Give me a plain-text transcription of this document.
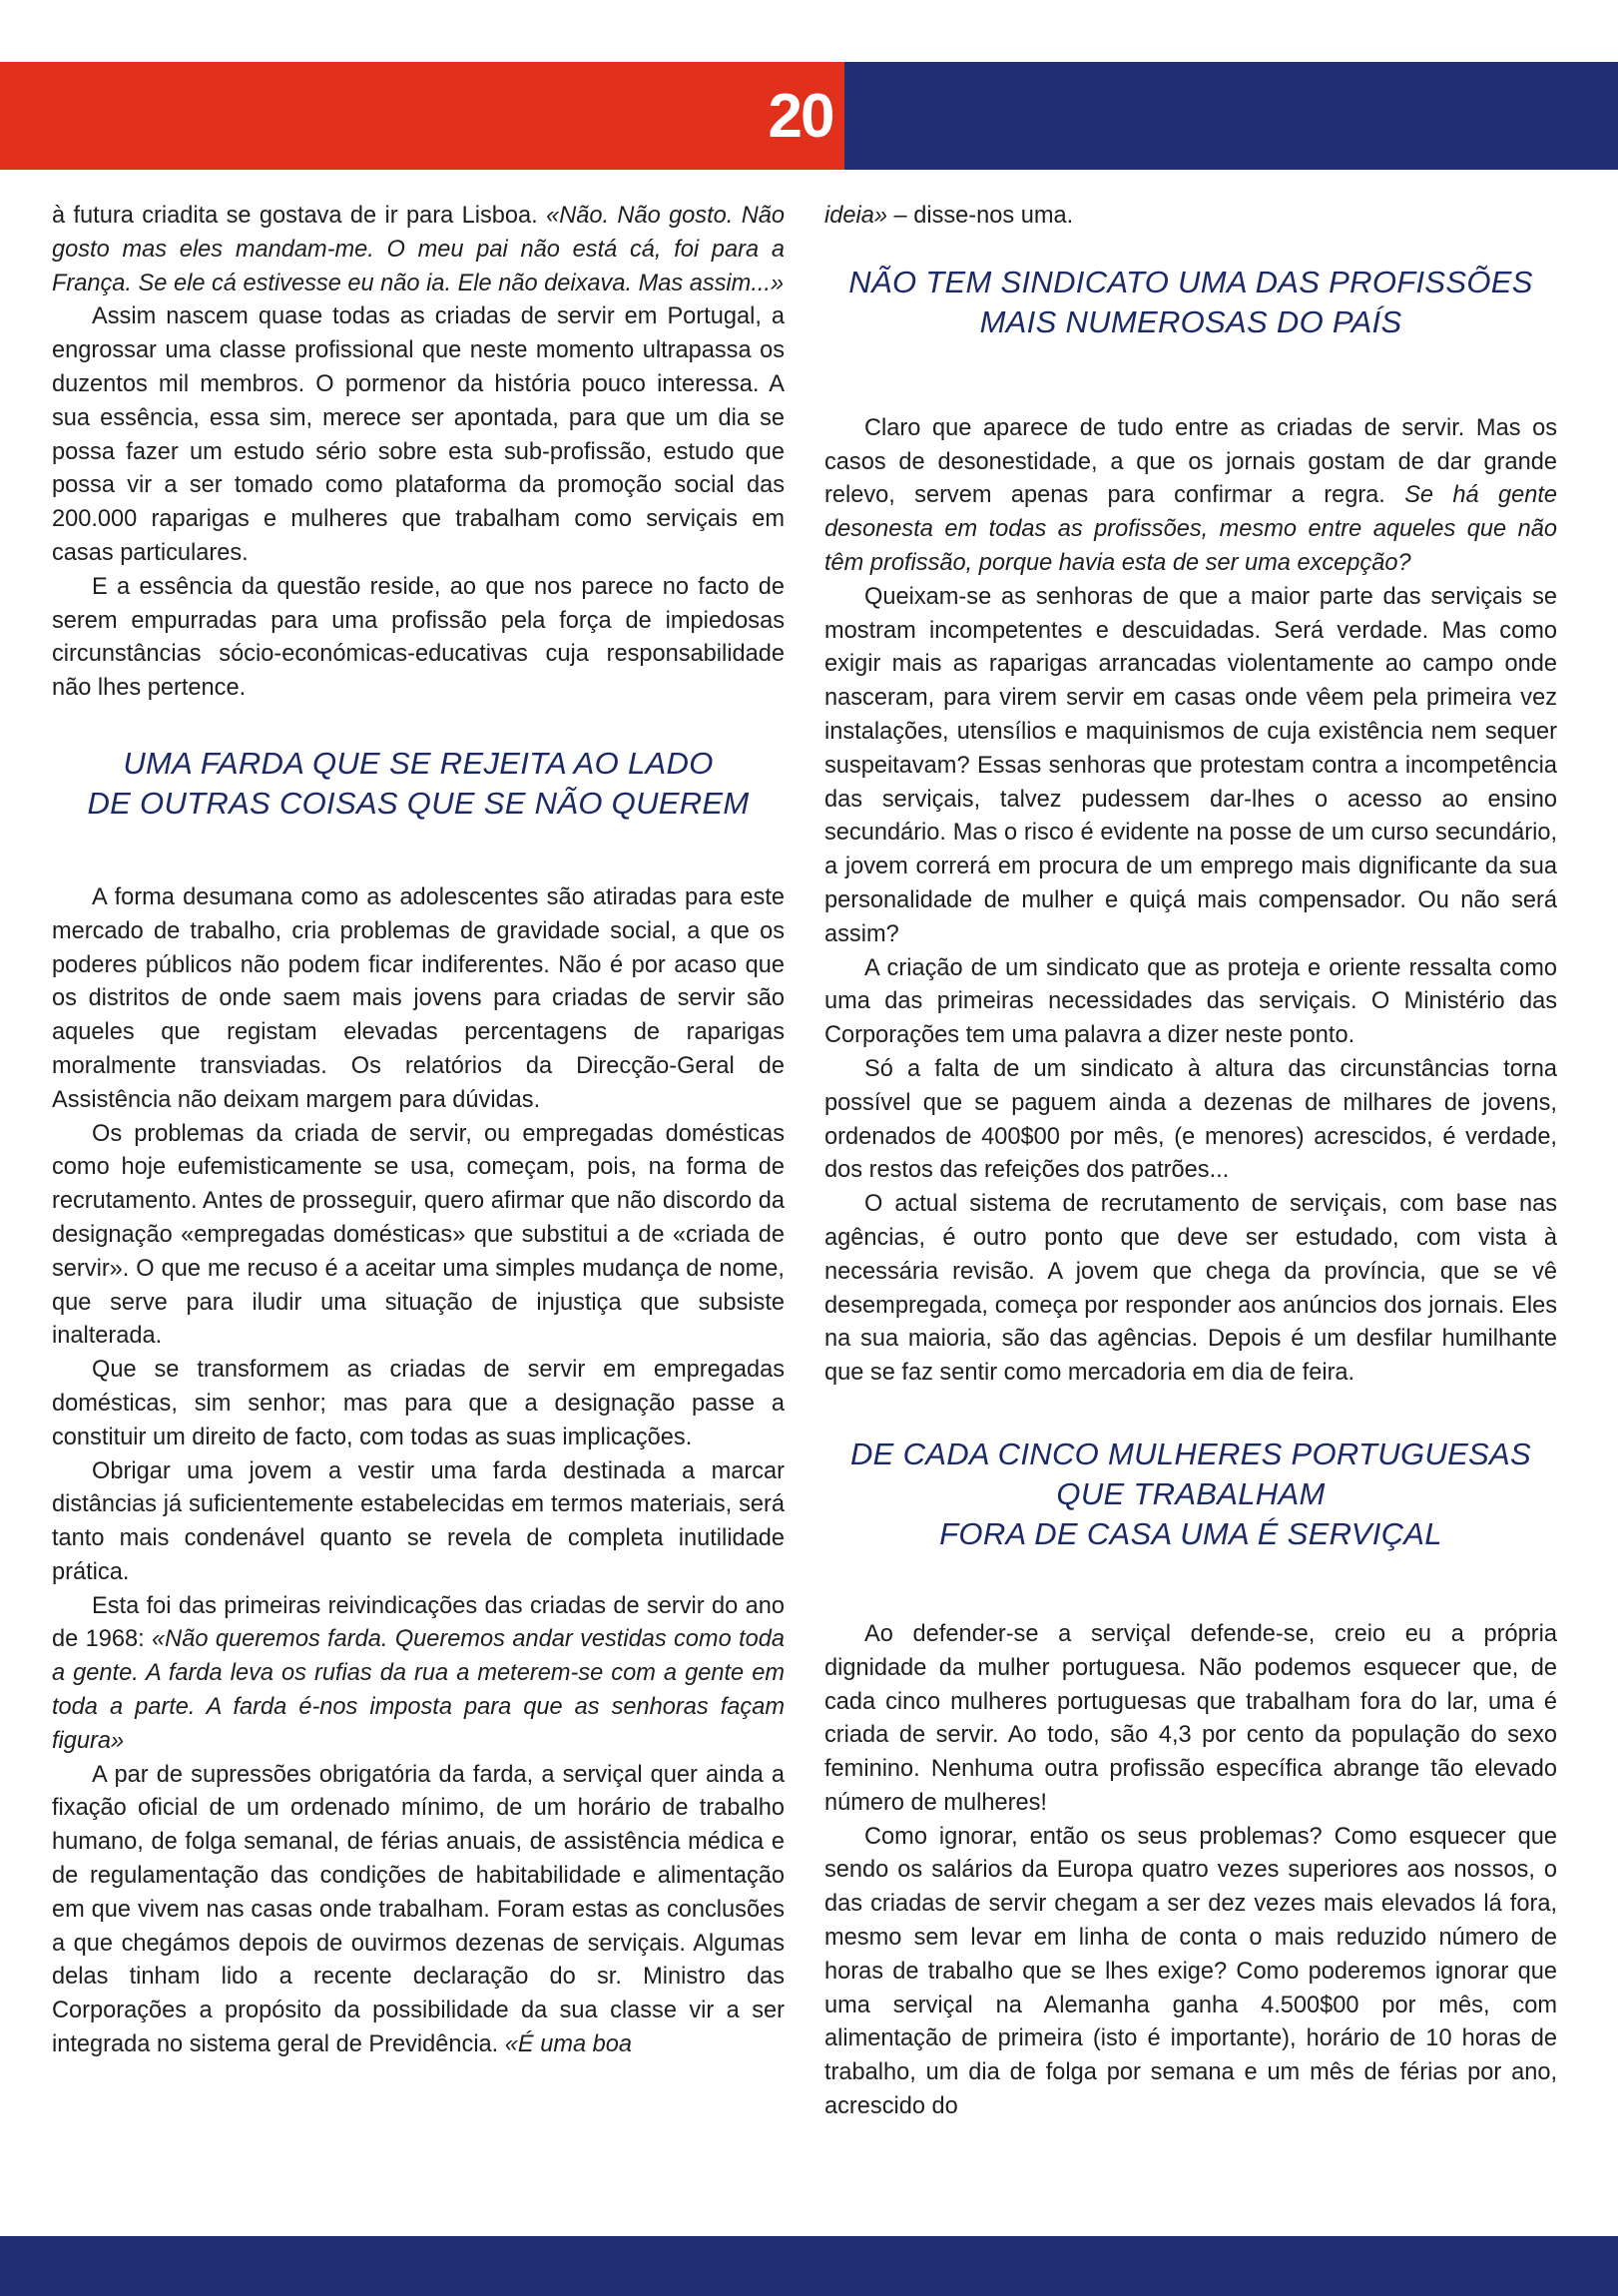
20

à futura criadita se gostava de ir para Lisboa. «Não. Não gosto. Não gosto mas eles mandam-me. O meu pai não está cá, foi para a França. Se ele cá estivesse eu não ia. Ele não deixava. Mas assim...»

Assim nascem quase todas as criadas de servir em Portugal, a engrossar uma classe profissional que neste momento ultrapassa os duzentos mil membros. O pormenor da história pouco interessa. A sua essência, essa sim, merece ser apontada, para que um dia se possa fazer um estudo sério sobre esta sub-profissão, estudo que possa vir a ser tomado como plataforma da promoção social das 200.000 raparigas e mulheres que trabalham como serviçais em casas particulares.

E a essência da questão reside, ao que nos parece no facto de serem empurradas para uma profissão pela força de impiedosas circunstâncias sócio-económicas-educativas cuja responsabilidade não lhes pertence.

UMA FARDA QUE SE REJEITA AO LADO
DE OUTRAS COISAS QUE SE NÃO QUEREM

A forma desumana como as adolescentes são atiradas para este mercado de trabalho, cria problemas de gravidade social, a que os poderes públicos não podem ficar indiferentes. Não é por acaso que os distritos de onde saem mais jovens para criadas de servir são aqueles que registam elevadas percentagens de raparigas moralmente transviadas. Os relatórios da Direcção-Geral de Assistência não deixam margem para dúvidas.

Os problemas da criada de servir, ou empregadas domésticas como hoje eufemisticamente se usa, começam, pois, na forma de recrutamento. Antes de prosseguir, quero afirmar que não discordo da designação «empregadas domésticas» que substitui a de «criada de servir». O que me recuso é a aceitar uma simples mudança de nome, que serve para iludir uma situação de injustiça que subsiste inalterada.

Que se transformem as criadas de servir em empregadas domésticas, sim senhor; mas para que a designação passe a constituir um direito de facto, com todas as suas implicações.

Obrigar uma jovem a vestir uma farda destinada a marcar distâncias já suficientemente estabelecidas em termos materiais, será tanto mais condenável quanto se revela de completa inutilidade prática.

Esta foi das primeiras reivindicações das criadas de servir do ano de 1968: «Não queremos farda. Queremos andar vestidas como toda a gente. A farda leva os rufias da rua a meterem-se com a gente em toda a parte. A farda é-nos imposta para que as senhoras façam figura»

A par de supressões obrigatória da farda, a serviçal quer ainda a fixação oficial de um ordenado mínimo, de um horário de trabalho humano, de folga semanal, de férias anuais, de assistência médica e de regulamentação das condições de habitabilidade e alimentação em que vivem nas casas onde trabalham. Foram estas as conclusões a que chegámos depois de ouvirmos dezenas de serviçais. Algumas delas tinham lido a recente declaração do sr. Ministro das Corporações a propósito da possibilidade da sua classe vir a ser integrada no sistema geral de Previdência. «É uma boa

ideia» – disse-nos uma.

NÃO TEM SINDICATO UMA DAS PROFISSÕES
MAIS NUMEROSAS DO PAÍS

Claro que aparece de tudo entre as criadas de servir. Mas os casos de desonestidade, a que os jornais gostam de dar grande relevo, servem apenas para confirmar a regra. Se há gente desonesta em todas as profissões, mesmo entre aqueles que não têm profissão, porque havia esta de ser uma excepção?

Queixam-se as senhoras de que a maior parte das serviçais se mostram incompetentes e descuidadas. Será verdade. Mas como exigir mais as raparigas arrancadas violentamente ao campo onde nasceram, para virem servir em casas onde vêem pela primeira vez instalações, utensílios e maquinismos de cuja existência nem sequer suspeitavam? Essas senhoras que protestam contra a incompetência das serviçais, talvez pudessem dar-lhes o acesso ao ensino secundário. Mas o risco é evidente na posse de um curso secundário, a jovem correrá em procura de um emprego mais dignificante da sua personalidade de mulher e quiçá mais compensador. Ou não será assim?

A criação de um sindicato que as proteja e oriente ressalta como uma das primeiras necessidades das serviçais. O Ministério das Corporações tem uma palavra a dizer neste ponto.

Só a falta de um sindicato à altura das circunstâncias torna possível que se paguem ainda a dezenas de milhares de jovens, ordenados de 400$00 por mês, (e menores) acrescidos, é verdade, dos restos das refeições dos patrões...

O actual sistema de recrutamento de serviçais, com base nas agências, é outro ponto que deve ser estudado, com vista à necessária revisão. A jovem que chega da província, que se vê desempregada, começa por responder aos anúncios dos jornais. Eles na sua maioria, são das agências. Depois é um desfilar humilhante que se faz sentir como mercadoria em dia de feira.

DE CADA CINCO MULHERES PORTUGUESAS
QUE TRABALHAM
FORA DE CASA UMA É SERVIÇAL

Ao defender-se a serviçal defende-se, creio eu a própria dignidade da mulher portuguesa. Não podemos esquecer que, de cada cinco mulheres portuguesas que trabalham fora do lar, uma é criada de servir. Ao todo, são 4,3 por cento da população do sexo feminino. Nenhuma outra profissão específica abrange tão elevado número de mulheres!

Como ignorar, então os seus problemas? Como esquecer que sendo os salários da Europa quatro vezes superiores aos nossos, o das criadas de servir chegam a ser dez vezes mais elevados lá fora, mesmo sem levar em linha de conta o mais reduzido número de horas de trabalho que se lhes exige? Como poderemos ignorar que uma serviçal na Alemanha ganha 4.500$00 por mês, com alimentação de primeira (isto é importante), horário de 10 horas de trabalho, um dia de folga por semana e um mês de férias por ano, acrescido do
